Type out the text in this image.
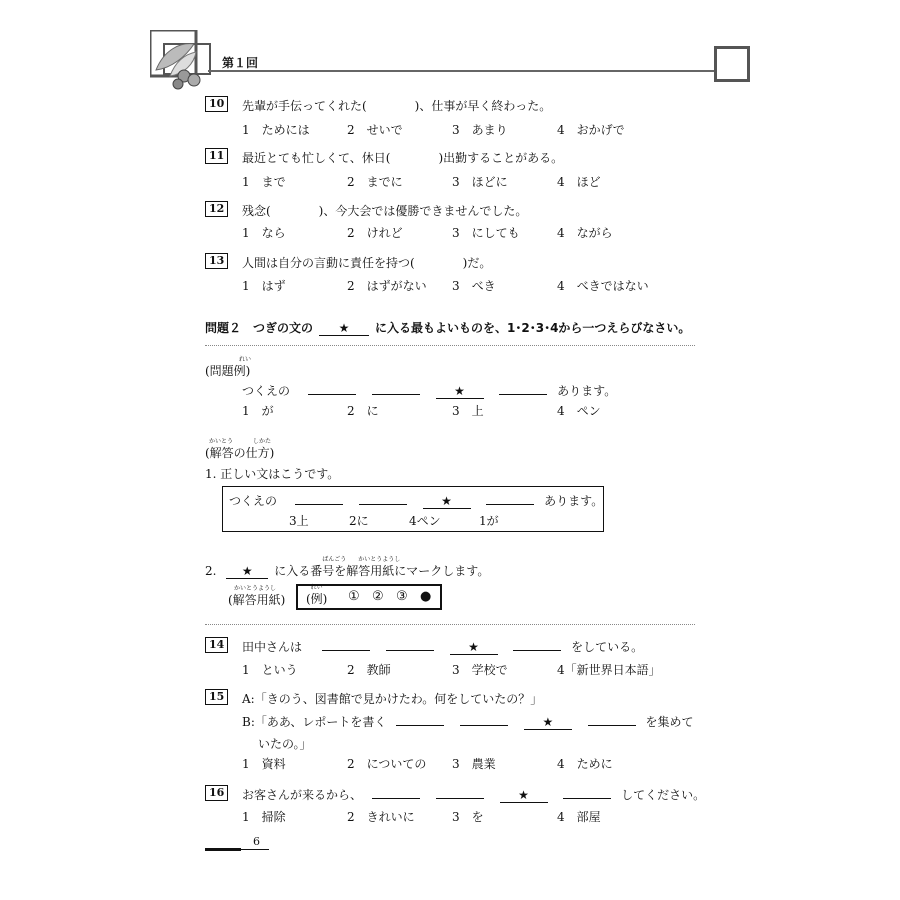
第１回
10	先輩が手伝ってくれた(　　　　)、仕事が早く終わった。
1　ためには	2　せいで	3　あまり	4　おかげで
11	最近とても忙しくて、休日(　　　　)出勤することがある。
1　まで	2　までに	3　ほどに	4　ほど
12	残念(　　　　)、今大会では優勝できませんでした。
1　なら	2　けれど	3　にしても	4　ながら
13	人間は自分の言動に責任を持つ(　　　　)だ。
1　はず	2　はずがない 3　べき	4　べきではない
問題２　つぎの文の ★ に入る最もよいものを、1･2･3･4から一つえらびなさい。
(問題例)
れい
つくえの	★	あります。
1　が	2　に	3　上	4　ペン
(解答の仕方)
かいとう	しかた
1. 正しい文はこうです。
つくえの	★	あります。
3上	2に	4ペン	1が
2. ★ に入る番号を解答用紙にマークします。
ばんごう かいとうようし
(解答用紙)
かいとうようし
(例)
れい
① ② ③ ●
14	田中さんは	★	をしている。
1　という	2　教師	3　学校で	4「新世界日本語」
15	A:「きのう、図書館で見かけたわ。何をしていたの？」
B:「ああ、レポートを書く	★	を集めて
いたの。」
1　資料	2　についての 3　農業	4　ために
16	お客さんが来るから、	★	してください。
1　掃除	2　きれいに	3　を	4　部屋
6
